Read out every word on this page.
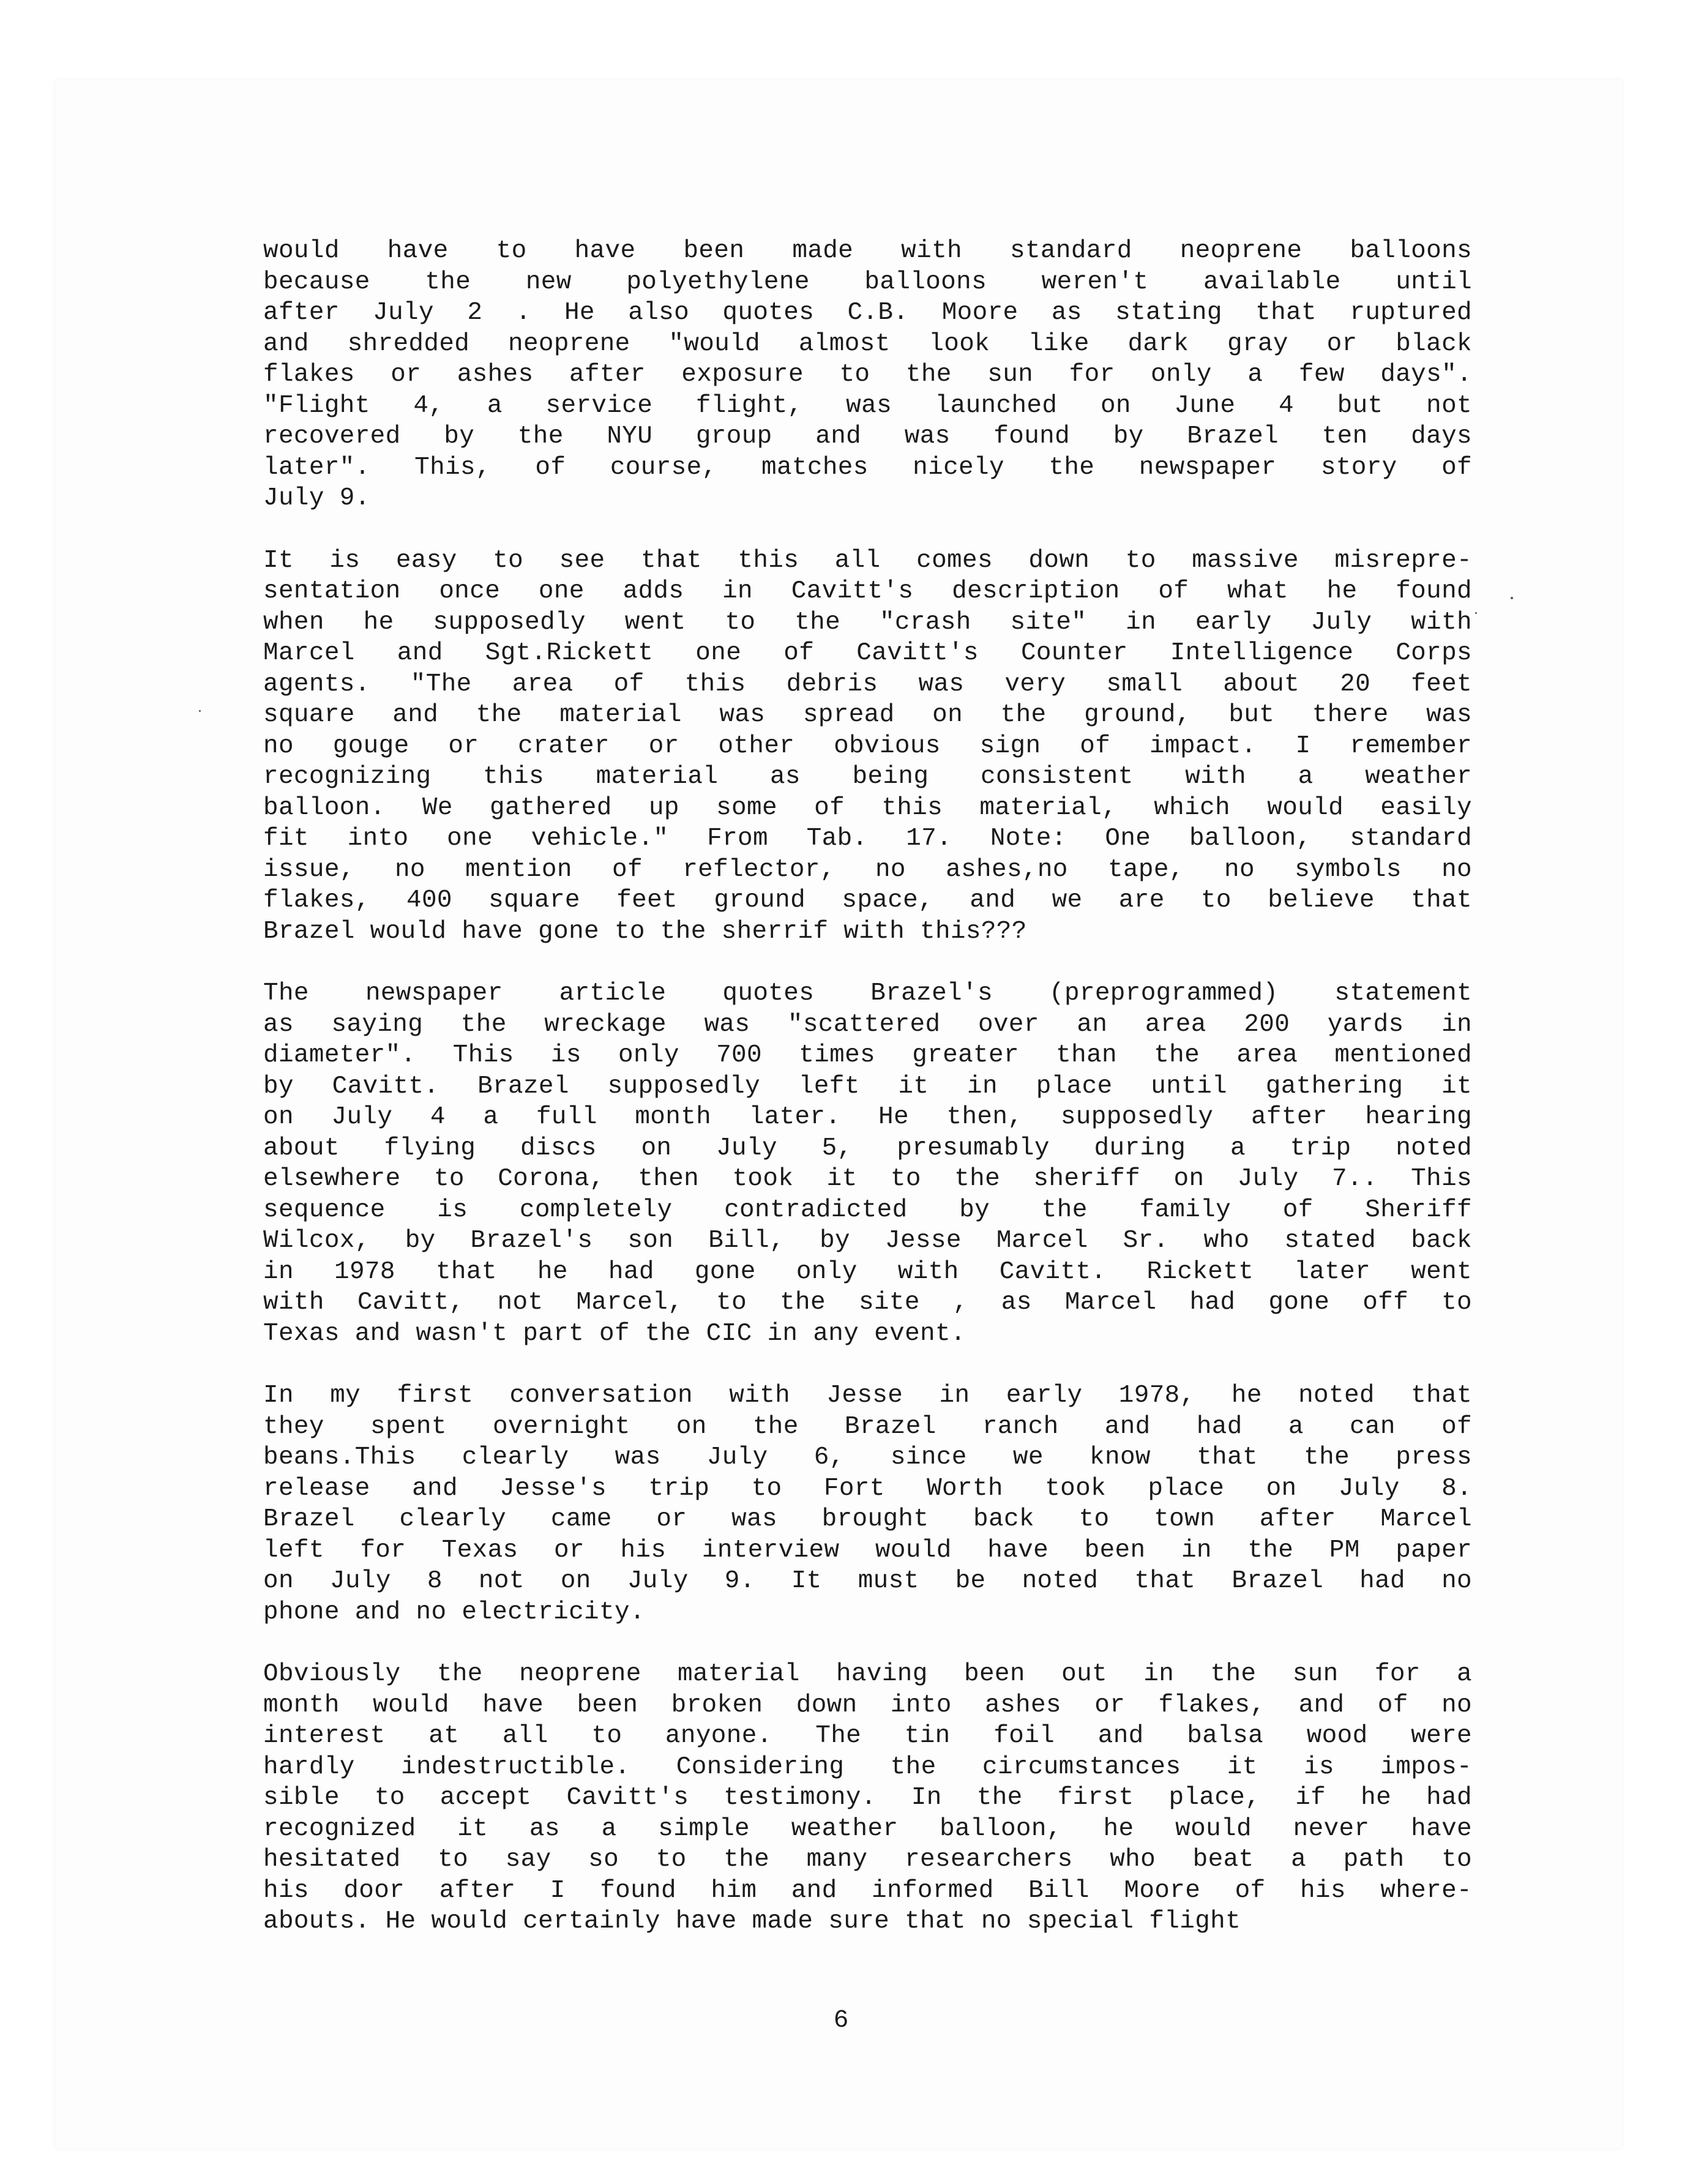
would have to have been made with standard neoprene balloons
because the new polyethylene balloons weren't available until
after July 2 . He also quotes C.B. Moore as stating that ruptured
and shredded neoprene "would almost look like dark gray or black
flakes or ashes after exposure to the sun for only a few days".
"Flight 4, a service flight, was launched on June 4 but not
recovered by the NYU group and was found by Brazel ten days
later". This, of course, matches nicely the newspaper story of
July 9.
It is easy to see that this all comes down to massive misrepre-
sentation once one adds in Cavitt's description of what he found
when he supposedly went to the "crash site" in early July with
Marcel and Sgt.Rickett one of Cavitt's Counter Intelligence Corps
agents. "The area of this debris was very small about 20 feet
square and the material was spread on the ground, but there was
no gouge or crater or other obvious sign of impact. I remember
recognizing this material as being consistent with a weather
balloon. We gathered up some of this material, which would easily
fit into one vehicle." From Tab. 17. Note: One balloon, standard
issue, no mention of reflector, no ashes,no tape, no symbols no
flakes, 400 square feet ground space, and we are to believe that
Brazel would have gone to the sherrif with this???
The newspaper article quotes Brazel's (preprogrammed) statement
as saying the wreckage was "scattered over an area 200 yards in
diameter". This is only 700 times greater than the area mentioned
by Cavitt. Brazel supposedly left it in place until gathering it
on July 4 a full month later. He then, supposedly after hearing
about flying discs on July 5, presumably during a trip noted
elsewhere to Corona, then took it to the sheriff on July 7.. This
sequence is completely contradicted by the family of Sheriff
Wilcox, by Brazel's son Bill, by Jesse Marcel Sr. who stated back
in 1978 that he had gone only with Cavitt. Rickett later went
with Cavitt, not Marcel, to the site , as Marcel had gone off to
Texas and wasn't part of the CIC in any event.
In my first conversation with Jesse in early 1978, he noted that
they spent overnight on the Brazel ranch and had a can of
beans.This clearly was July 6, since we know that the press
release and Jesse's trip to Fort Worth took place on July 8.
Brazel clearly came or was brought back to town after Marcel
left for Texas or his interview would have been in the PM paper
on July 8 not on July 9. It must be noted that Brazel had no
phone and no electricity.
Obviously the neoprene material having been out in the sun for a
month would have been broken down into ashes or flakes, and of no
interest at all to anyone. The tin foil and balsa wood were
hardly indestructible. Considering the circumstances it is impos-
sible to accept Cavitt's testimony. In the first place, if he had
recognized it as a simple weather balloon, he would never have
hesitated to say so to the many researchers who beat a path to
his door after I found him and informed Bill Moore of his where-
abouts. He would certainly have made sure that no special flight
6
